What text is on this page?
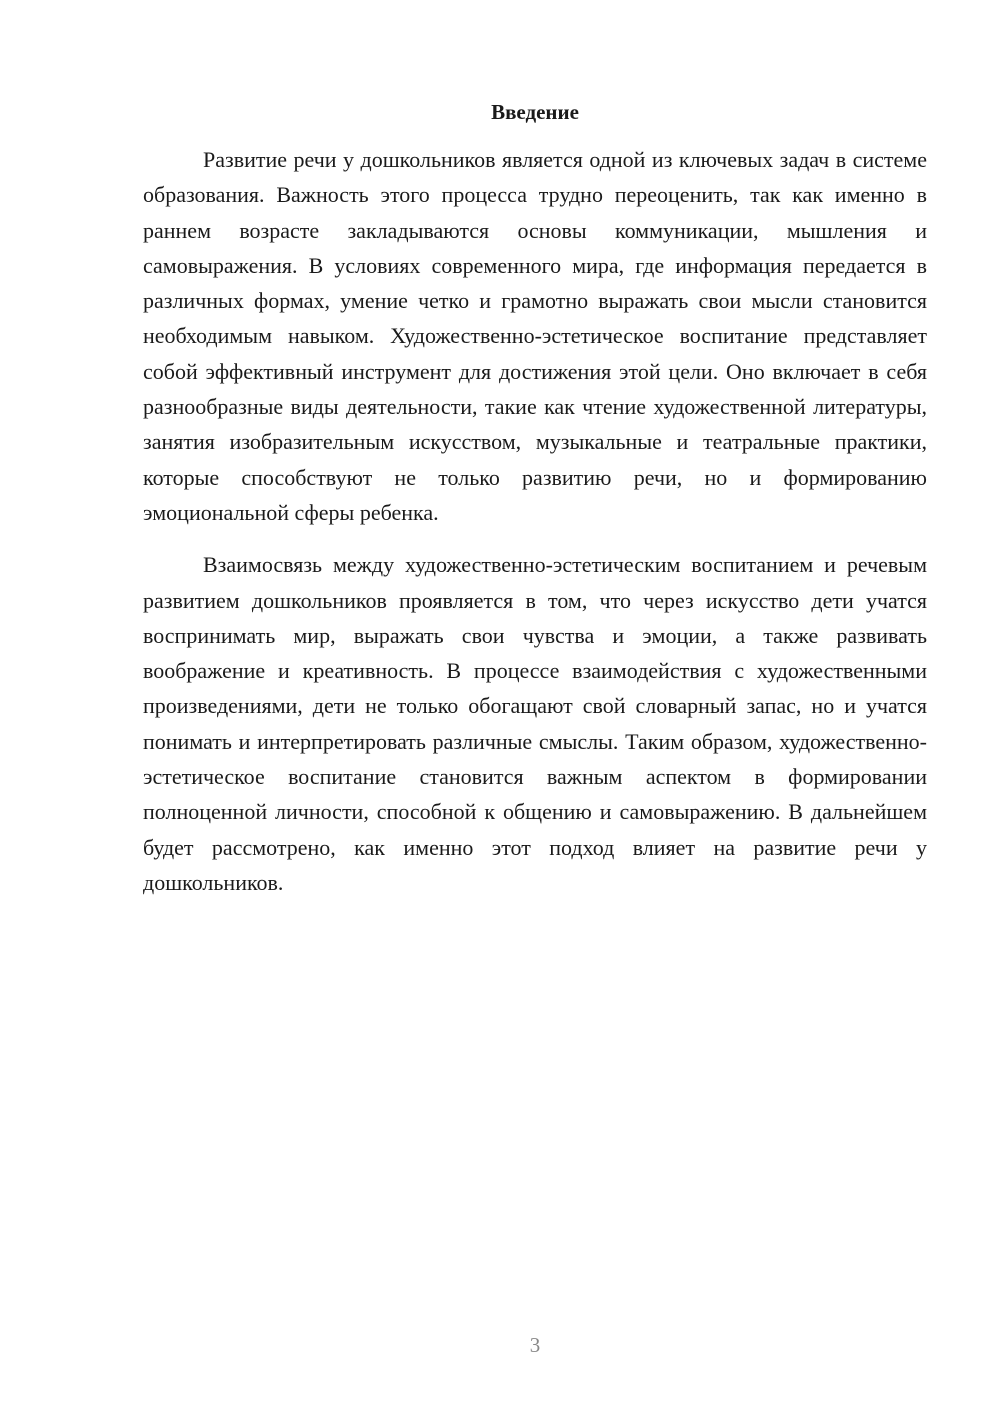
Введение

Развитие речи у дошкольников является одной из ключевых задач в системе образования. Важность этого процесса трудно переоценить, так как именно в раннем возрасте закладываются основы коммуникации, мышления и самовыражения. В условиях современного мира, где информация передается в различных формах, умение четко и грамотно выражать свои мысли становится необходимым навыком. Художественно-эстетическое воспитание представляет собой эффективный инструмент для достижения этой цели. Оно включает в себя разнообразные виды деятельности, такие как чтение художественной литературы, занятия изобразительным искусством, музыкальные и театральные практики, которые способствуют не только развитию речи, но и формированию эмоциональной сферы ребенка.

Взаимосвязь между художественно-эстетическим воспитанием и речевым развитием дошкольников проявляется в том, что через искусство дети учатся воспринимать мир, выражать свои чувства и эмоции, а также развивать воображение и креативность. В процессе взаимодействия с художественными произведениями, дети не только обогащают свой словарный запас, но и учатся понимать и интерпретировать различные смыслы. Таким образом, художественно-эстетическое воспитание становится важным аспектом в формировании полноценной личности, способной к общению и самовыражению. В дальнейшем будет рассмотрено, как именно этот подход влияет на развитие речи у дошкольников.

3
